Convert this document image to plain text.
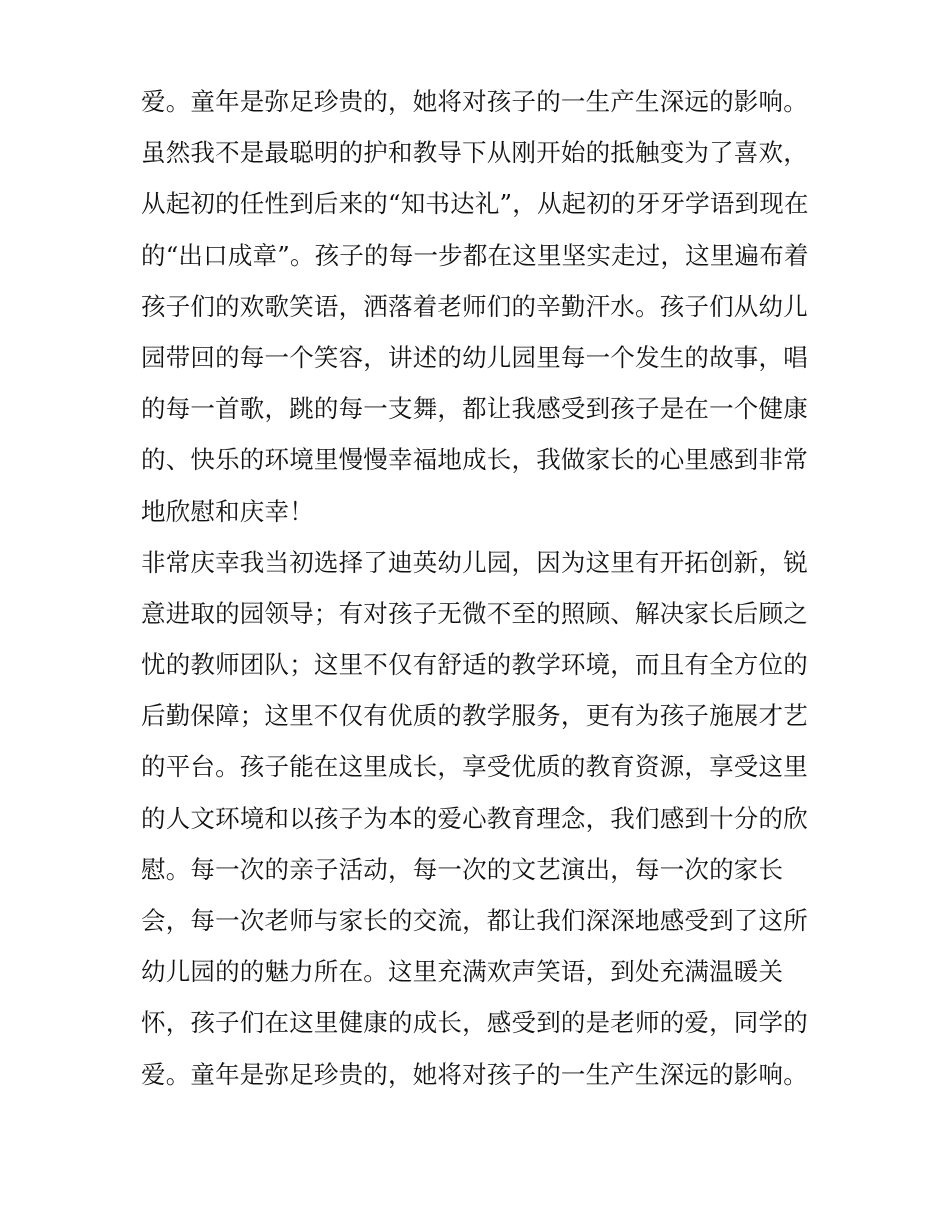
爱。童年是弥足珍贵的，她将对孩子的一生产生深远的影响。
虽然我不是最聪明的护和教导下从刚开始的抵触变为了喜欢，
从起初的任性到后来的“知书达礼”，从起初的牙牙学语到现在
的“出口成章”。孩子的每一步都在这里坚实走过，这里遍布着
孩子们的欢歌笑语，洒落着老师们的辛勤汗水。孩子们从幼儿
园带回的每一个笑容，讲述的幼儿园里每一个发生的故事，唱
的每一首歌，跳的每一支舞，都让我感受到孩子是在一个健康
的、快乐的环境里慢慢幸福地成长，我做家长的心里感到非常
地欣慰和庆幸！
非常庆幸我当初选择了迪英幼儿园，因为这里有开拓创新，锐
意进取的园领导；有对孩子无微不至的照顾、解决家长后顾之
忧的教师团队；这里不仅有舒适的教学环境，而且有全方位的
后勤保障；这里不仅有优质的教学服务，更有为孩子施展才艺
的平台。孩子能在这里成长，享受优质的教育资源，享受这里
的人文环境和以孩子为本的爱心教育理念，我们感到十分的欣
慰。每一次的亲子活动，每一次的文艺演出，每一次的家长
会，每一次老师与家长的交流，都让我们深深地感受到了这所
幼儿园的的魅力所在。这里充满欢声笑语，到处充满温暖关
怀，孩子们在这里健康的成长，感受到的是老师的爱，同学的
爱。童年是弥足珍贵的，她将对孩子的一生产生深远的影响。
